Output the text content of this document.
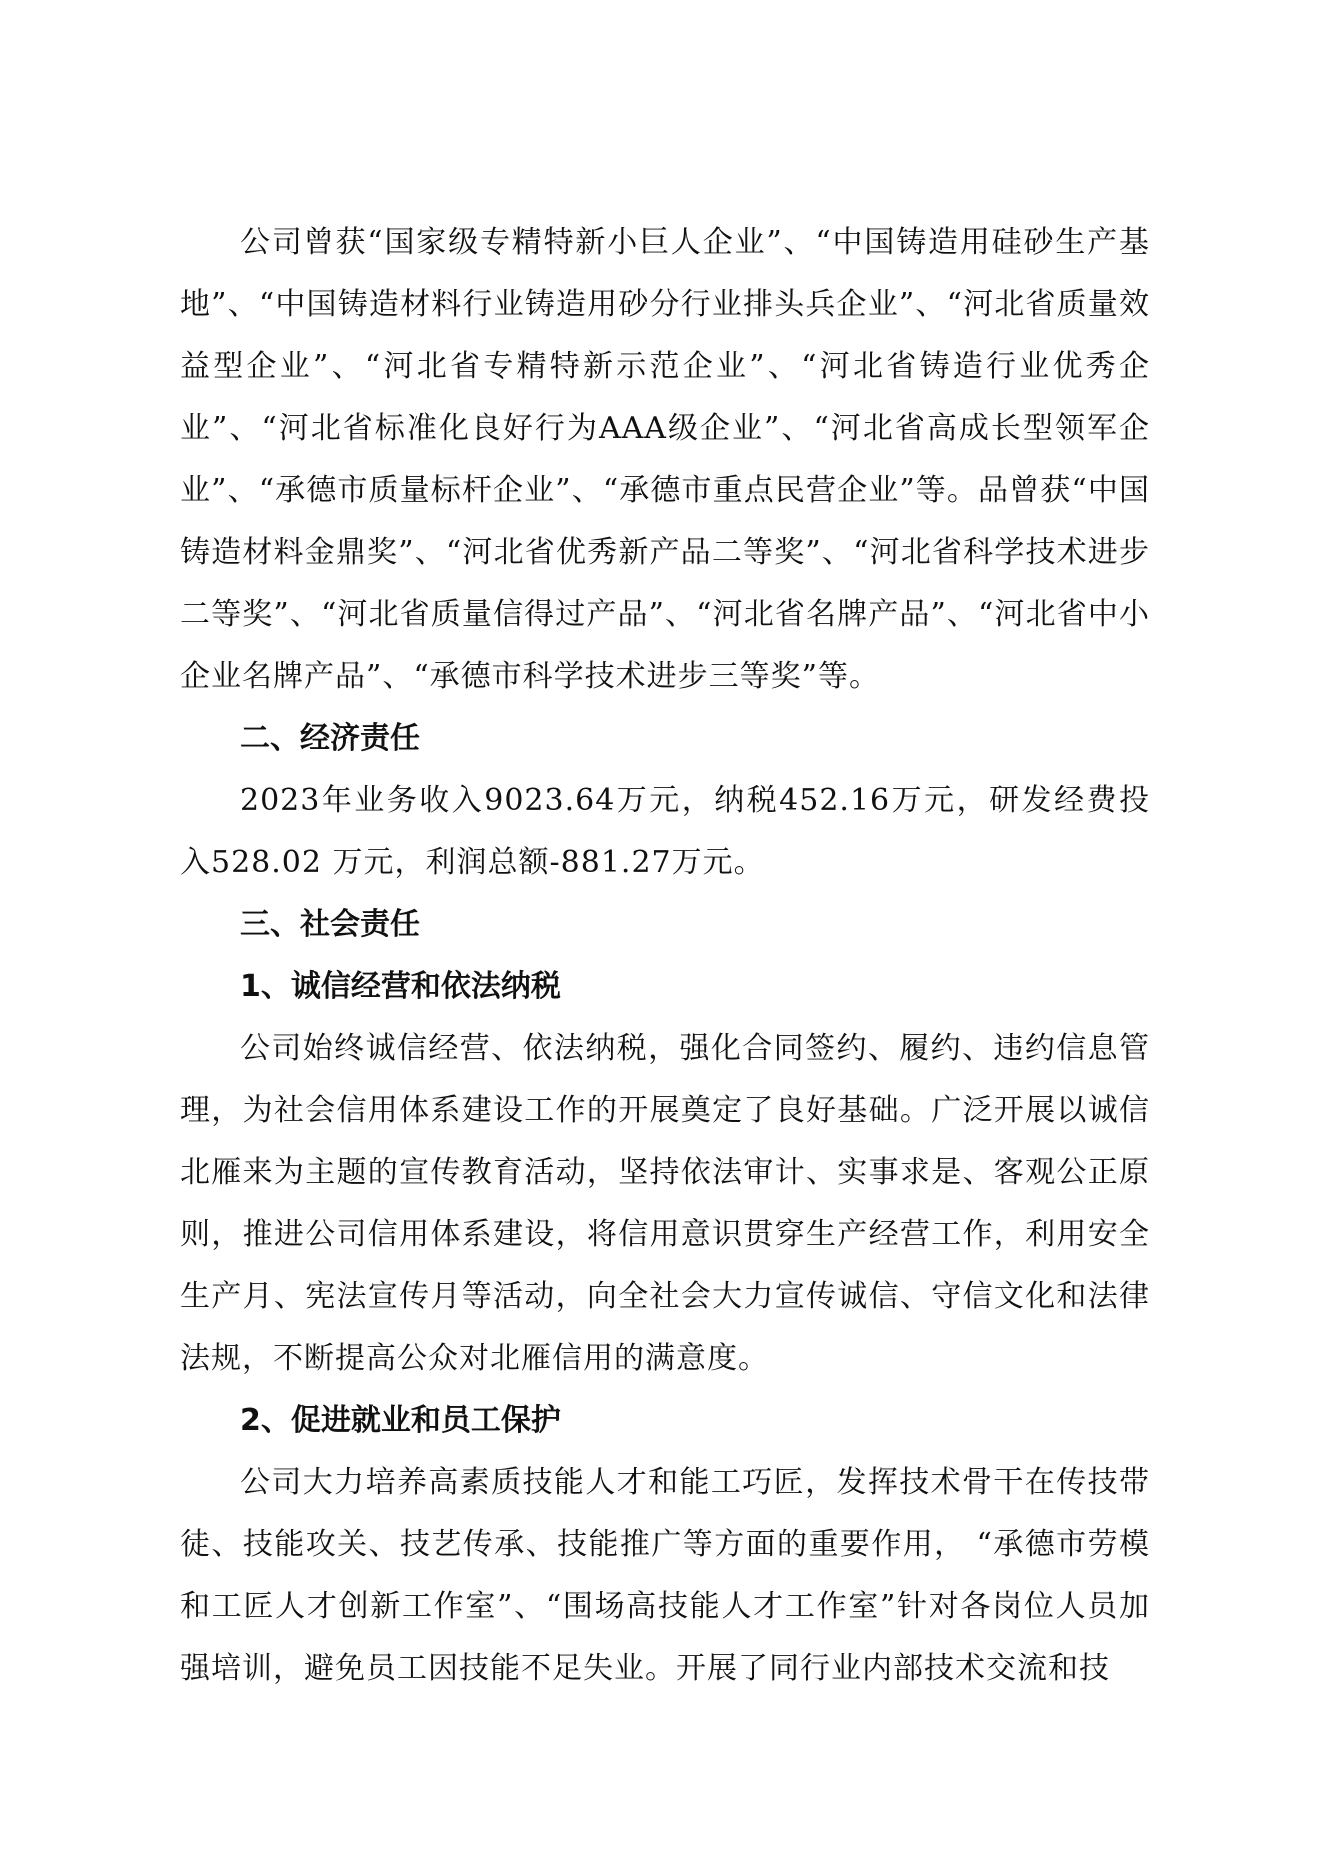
公司曾获“国家级专精特新小巨人企业”、“中国铸造用硅砂生产基地”、“中国铸造材料行业铸造用砂分行业排头兵企业”、“河北省质量效益型企业”、“河北省专精特新示范企业”、“河北省铸造行业优秀企业”、“河北省标准化良好行为AAA级企业”、“河北省高成长型领军企业”、“承德市质量标杆企业”、“承德市重点民营企业”等。品曾获“中国铸造材料金鼎奖”、“河北省优秀新产品二等奖”、“河北省科学技术进步二等奖”、“河北省质量信得过产品”、“河北省名牌产品”、“河北省中小企业名牌产品”、“承德市科学技术进步三等奖”等。

二、经济责任

2023年业务收入9023.64万元，纳税452.16万元，研发经费投入528.02 万元，利润总额-881.27万元。

三、社会责任

1、诚信经营和依法纳税

公司始终诚信经营、依法纳税，强化合同签约、履约、违约信息管理，为社会信用体系建设工作的开展奠定了良好基础。广泛开展以诚信北雁来为主题的宣传教育活动，坚持依法审计、实事求是、客观公正原则，推进公司信用体系建设，将信用意识贯穿生产经营工作，利用安全生产月、宪法宣传月等活动，向全社会大力宣传诚信、守信文化和法律法规，不断提高公众对北雁信用的满意度。

2、促进就业和员工保护

公司大力培养高素质技能人才和能工巧匠，发挥技术骨干在传技带徒、技能攻关、技艺传承、技能推广等方面的重要作用， “承德市劳模和工匠人才创新工作室”、“围场高技能人才工作室”针对各岗位人员加强培训，避免员工因技能不足失业。开展了同行业内部技术交流和技
